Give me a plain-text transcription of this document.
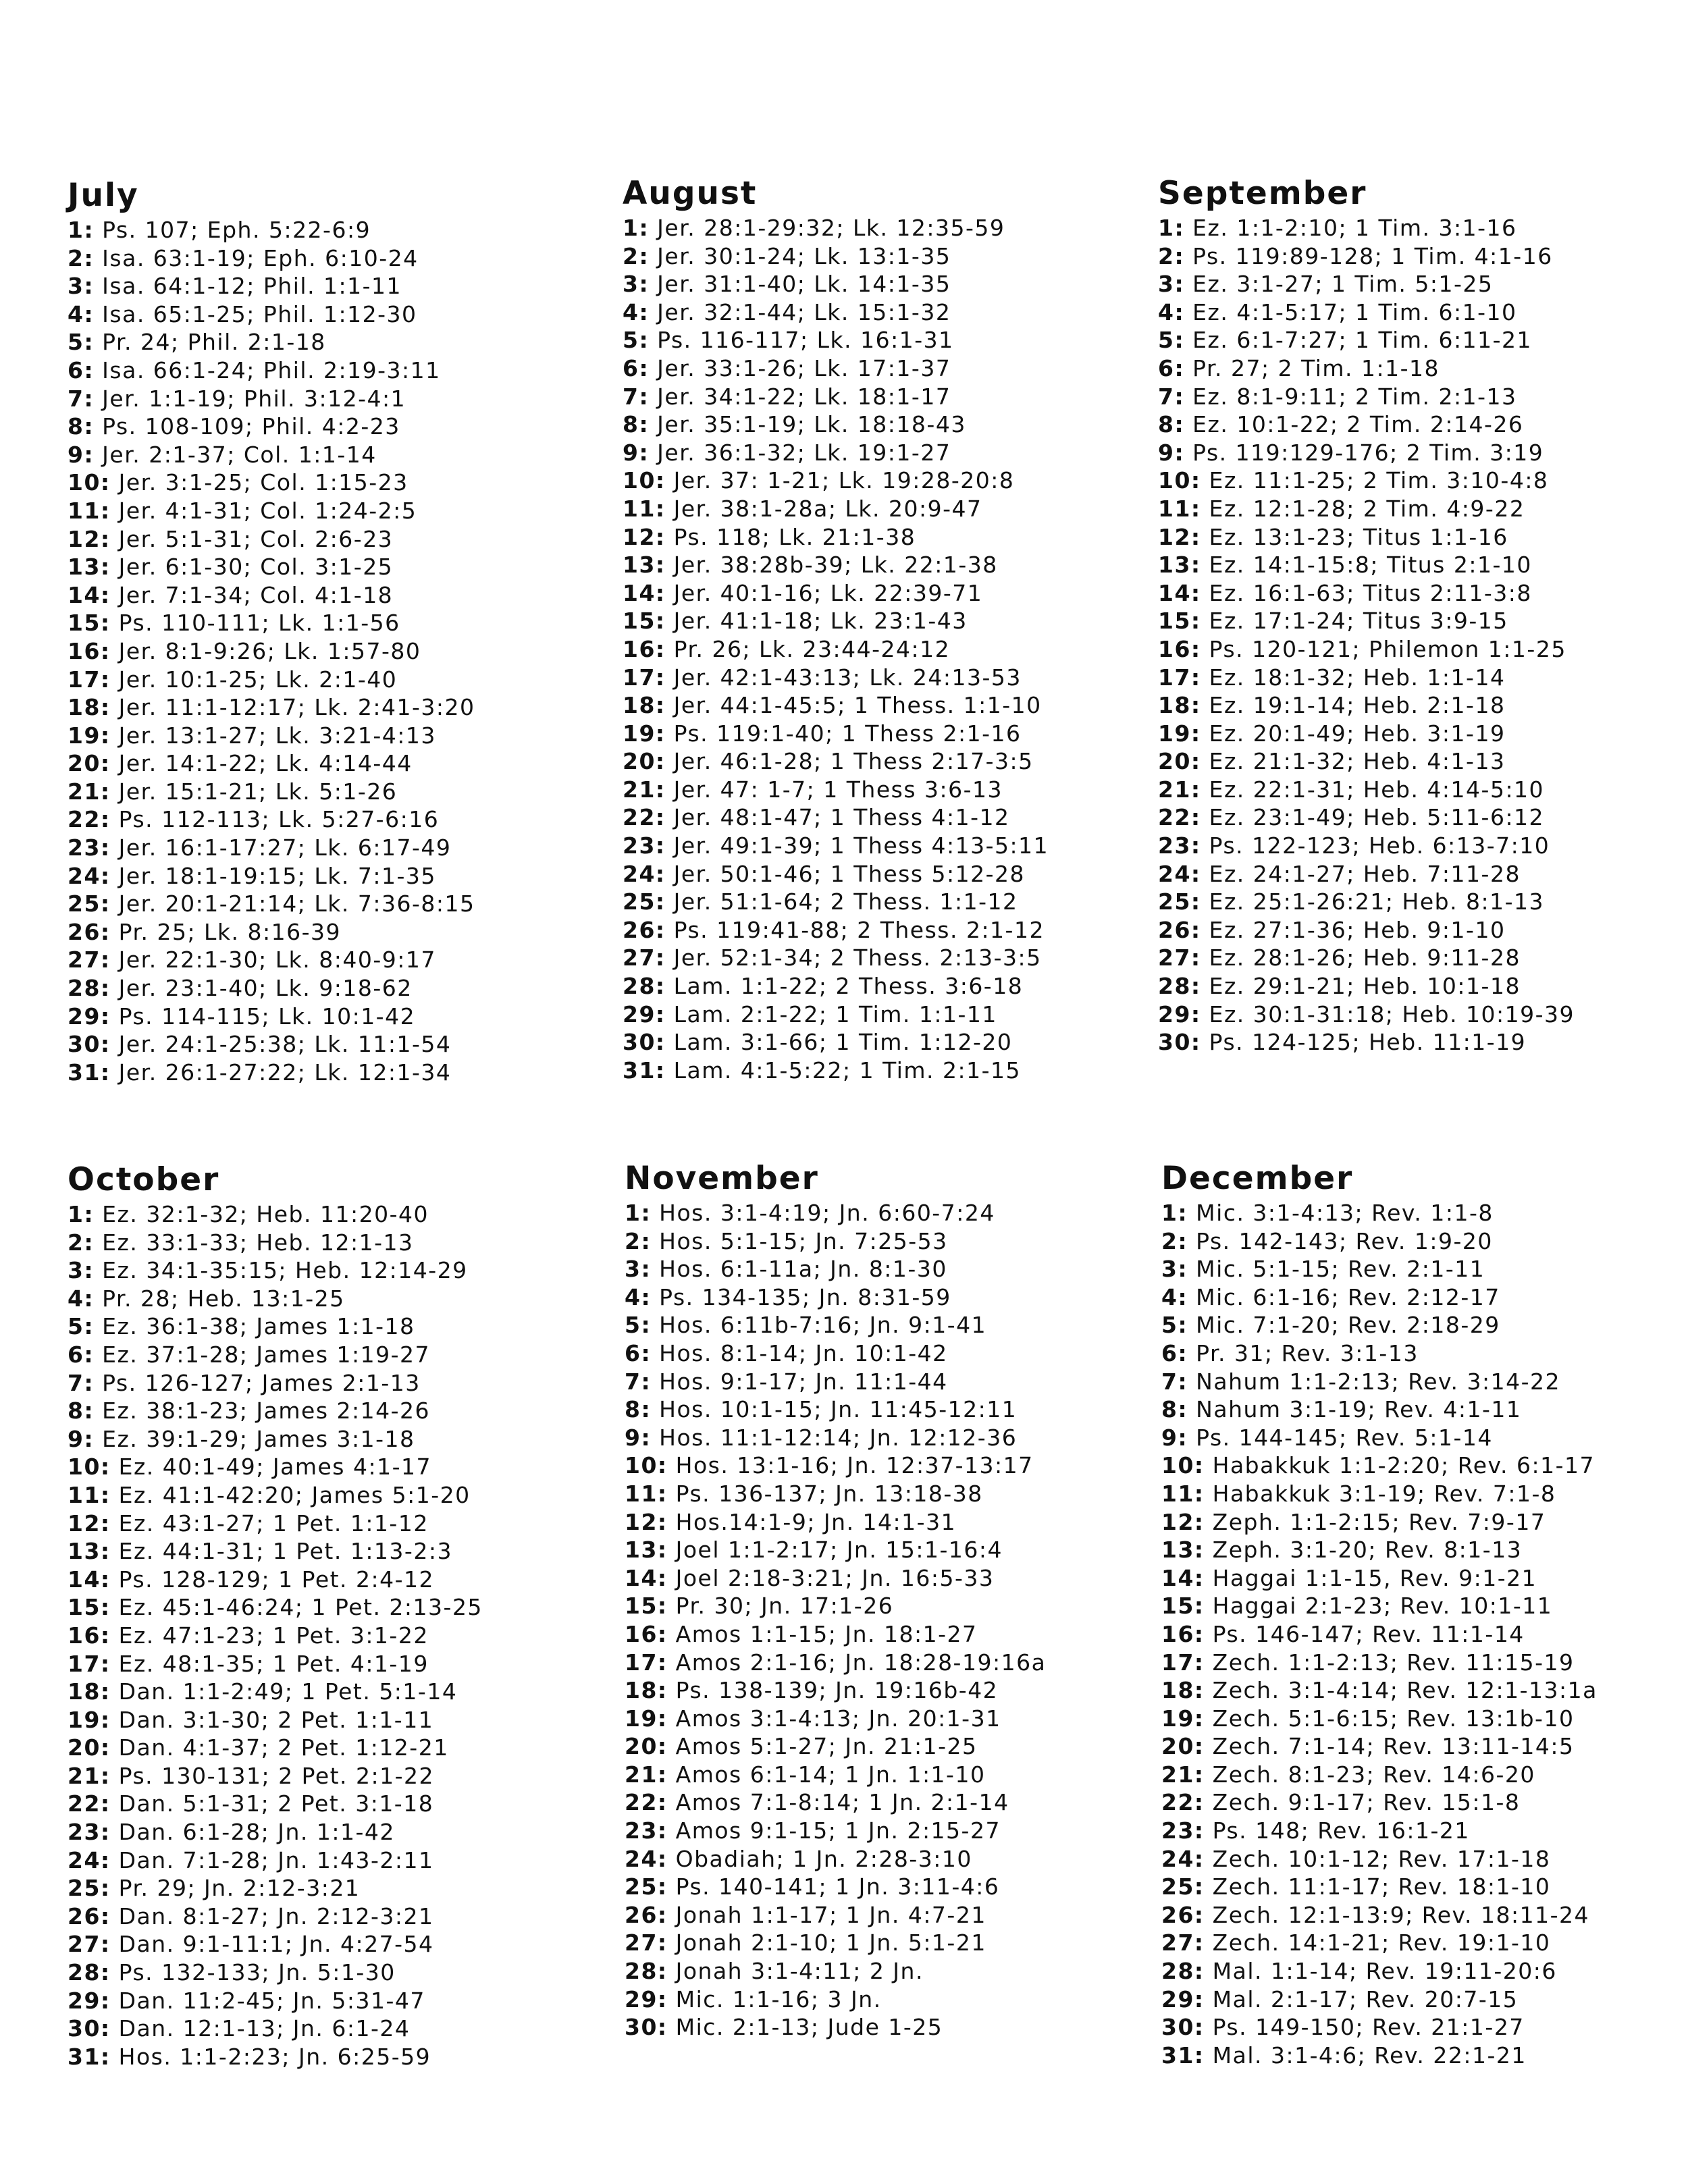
July
1: Ps. 107; Eph. 5:22-6:9
2: Isa. 63:1-19; Eph. 6:10-24
3: Isa. 64:1-12; Phil. 1:1-11
4: Isa. 65:1-25; Phil. 1:12-30
5: Pr. 24; Phil. 2:1-18
6: Isa. 66:1-24; Phil. 2:19-3:11
7: Jer. 1:1-19; Phil. 3:12-4:1
8: Ps. 108-109; Phil. 4:2-23
9: Jer. 2:1-37; Col. 1:1-14
10: Jer. 3:1-25; Col. 1:15-23
11: Jer. 4:1-31; Col. 1:24-2:5
12: Jer. 5:1-31; Col. 2:6-23
13: Jer. 6:1-30; Col. 3:1-25
14: Jer. 7:1-34; Col. 4:1-18
15: Ps. 110-111; Lk. 1:1-56
16: Jer. 8:1-9:26; Lk. 1:57-80
17: Jer. 10:1-25; Lk. 2:1-40
18: Jer. 11:1-12:17; Lk. 2:41-3:20
19: Jer. 13:1-27; Lk. 3:21-4:13
20: Jer. 14:1-22; Lk. 4:14-44
21: Jer. 15:1-21; Lk. 5:1-26
22: Ps. 112-113; Lk. 5:27-6:16
23: Jer. 16:1-17:27; Lk. 6:17-49
24: Jer. 18:1-19:15; Lk. 7:1-35
25: Jer. 20:1-21:14; Lk. 7:36-8:15
26: Pr. 25; Lk. 8:16-39
27: Jer. 22:1-30; Lk. 8:40-9:17
28: Jer. 23:1-40; Lk. 9:18-62
29: Ps. 114-115; Lk. 10:1-42
30: Jer. 24:1-25:38; Lk. 11:1-54
31: Jer. 26:1-27:22; Lk. 12:1-34
August
1: Jer. 28:1-29:32; Lk. 12:35-59
2: Jer. 30:1-24; Lk. 13:1-35
3: Jer. 31:1-40; Lk. 14:1-35
4: Jer. 32:1-44; Lk. 15:1-32
5: Ps. 116-117; Lk. 16:1-31
6: Jer. 33:1-26; Lk. 17:1-37
7: Jer. 34:1-22; Lk. 18:1-17
8: Jer. 35:1-19; Lk. 18:18-43
9: Jer. 36:1-32; Lk. 19:1-27
10: Jer. 37: 1-21; Lk. 19:28-20:8
11: Jer. 38:1-28a; Lk. 20:9-47
12: Ps. 118; Lk. 21:1-38
13: Jer. 38:28b-39; Lk. 22:1-38
14: Jer. 40:1-16; Lk. 22:39-71
15: Jer. 41:1-18; Lk. 23:1-43
16: Pr. 26; Lk. 23:44-24:12
17: Jer. 42:1-43:13; Lk. 24:13-53
18: Jer. 44:1-45:5; 1 Thess. 1:1-10
19: Ps. 119:1-40; 1 Thess 2:1-16
20: Jer. 46:1-28; 1 Thess 2:17-3:5
21: Jer. 47: 1-7; 1 Thess 3:6-13
22: Jer. 48:1-47; 1 Thess 4:1-12
23: Jer. 49:1-39; 1 Thess 4:13-5:11
24: Jer. 50:1-46; 1 Thess 5:12-28
25: Jer. 51:1-64; 2 Thess. 1:1-12
26: Ps. 119:41-88; 2 Thess. 2:1-12
27: Jer. 52:1-34; 2 Thess. 2:13-3:5
28: Lam. 1:1-22; 2 Thess. 3:6-18
29: Lam. 2:1-22; 1 Tim. 1:1-11
30: Lam. 3:1-66; 1 Tim. 1:12-20
31: Lam. 4:1-5:22; 1 Tim. 2:1-15
September
1: Ez. 1:1-2:10; 1 Tim. 3:1-16
2: Ps. 119:89-128; 1 Tim. 4:1-16
3: Ez. 3:1-27; 1 Tim. 5:1-25
4: Ez. 4:1-5:17; 1 Tim. 6:1-10
5: Ez. 6:1-7:27; 1 Tim. 6:11-21
6: Pr. 27; 2 Tim. 1:1-18
7: Ez. 8:1-9:11; 2 Tim. 2:1-13
8: Ez. 10:1-22; 2 Tim. 2:14-26
9: Ps. 119:129-176; 2 Tim. 3:19
10: Ez. 11:1-25; 2 Tim. 3:10-4:8
11: Ez. 12:1-28; 2 Tim. 4:9-22
12: Ez. 13:1-23; Titus 1:1-16
13: Ez. 14:1-15:8; Titus 2:1-10
14: Ez. 16:1-63; Titus 2:11-3:8
15: Ez. 17:1-24; Titus 3:9-15
16: Ps. 120-121; Philemon 1:1-25
17: Ez. 18:1-32; Heb. 1:1-14
18: Ez. 19:1-14; Heb. 2:1-18
19: Ez. 20:1-49; Heb. 3:1-19
20: Ez. 21:1-32; Heb. 4:1-13
21: Ez. 22:1-31; Heb. 4:14-5:10
22: Ez. 23:1-49; Heb. 5:11-6:12
23: Ps. 122-123; Heb. 6:13-7:10
24: Ez. 24:1-27; Heb. 7:11-28
25: Ez. 25:1-26:21; Heb. 8:1-13
26: Ez. 27:1-36; Heb. 9:1-10
27: Ez. 28:1-26; Heb. 9:11-28
28: Ez. 29:1-21; Heb. 10:1-18
29: Ez. 30:1-31:18; Heb. 10:19-39
30: Ps. 124-125; Heb. 11:1-19
October
1: Ez. 32:1-32; Heb. 11:20-40
2: Ez. 33:1-33; Heb. 12:1-13
3: Ez. 34:1-35:15; Heb. 12:14-29
4: Pr. 28; Heb. 13:1-25
5: Ez. 36:1-38; James 1:1-18
6: Ez. 37:1-28; James 1:19-27
7: Ps. 126-127; James 2:1-13
8: Ez. 38:1-23; James 2:14-26
9: Ez. 39:1-29; James 3:1-18
10: Ez. 40:1-49; James 4:1-17
11: Ez. 41:1-42:20; James 5:1-20
12: Ez. 43:1-27; 1 Pet. 1:1-12
13: Ez. 44:1-31; 1 Pet. 1:13-2:3
14: Ps. 128-129; 1 Pet. 2:4-12
15: Ez. 45:1-46:24; 1 Pet. 2:13-25
16: Ez. 47:1-23; 1 Pet. 3:1-22
17: Ez. 48:1-35; 1 Pet. 4:1-19
18: Dan. 1:1-2:49; 1 Pet. 5:1-14
19: Dan. 3:1-30; 2 Pet. 1:1-11
20: Dan. 4:1-37; 2 Pet. 1:12-21
21: Ps. 130-131; 2 Pet. 2:1-22
22: Dan. 5:1-31; 2 Pet. 3:1-18
23: Dan. 6:1-28; Jn. 1:1-42
24: Dan. 7:1-28; Jn. 1:43-2:11
25: Pr. 29; Jn. 2:12-3:21
26: Dan. 8:1-27; Jn. 2:12-3:21
27: Dan. 9:1-11:1; Jn. 4:27-54
28: Ps. 132-133; Jn. 5:1-30
29: Dan. 11:2-45; Jn. 5:31-47
30: Dan. 12:1-13; Jn. 6:1-24
31: Hos. 1:1-2:23; Jn. 6:25-59
November
1: Hos. 3:1-4:19; Jn. 6:60-7:24
2: Hos. 5:1-15; Jn. 7:25-53
3: Hos. 6:1-11a; Jn. 8:1-30
4: Ps. 134-135; Jn. 8:31-59
5: Hos. 6:11b-7:16; Jn. 9:1-41
6: Hos. 8:1-14; Jn. 10:1-42
7: Hos. 9:1-17; Jn. 11:1-44
8: Hos. 10:1-15; Jn. 11:45-12:11
9: Hos. 11:1-12:14; Jn. 12:12-36
10: Hos. 13:1-16; Jn. 12:37-13:17
11: Ps. 136-137; Jn. 13:18-38
12: Hos.14:1-9; Jn. 14:1-31
13: Joel 1:1-2:17; Jn. 15:1-16:4
14: Joel 2:18-3:21; Jn. 16:5-33
15: Pr. 30; Jn. 17:1-26
16: Amos 1:1-15; Jn. 18:1-27
17: Amos 2:1-16; Jn. 18:28-19:16a
18: Ps. 138-139; Jn. 19:16b-42
19: Amos 3:1-4:13; Jn. 20:1-31
20: Amos 5:1-27; Jn. 21:1-25
21: Amos 6:1-14; 1 Jn. 1:1-10
22: Amos 7:1-8:14; 1 Jn. 2:1-14
23: Amos 9:1-15; 1 Jn. 2:15-27
24: Obadiah; 1 Jn. 2:28-3:10
25: Ps. 140-141; 1 Jn. 3:11-4:6
26: Jonah 1:1-17; 1 Jn. 4:7-21
27: Jonah 2:1-10; 1 Jn. 5:1-21
28: Jonah 3:1-4:11; 2 Jn.
29: Mic. 1:1-16; 3 Jn.
30: Mic. 2:1-13; Jude 1-25
December
1: Mic. 3:1-4:13; Rev. 1:1-8
2: Ps. 142-143; Rev. 1:9-20
3: Mic. 5:1-15; Rev. 2:1-11
4: Mic. 6:1-16; Rev. 2:12-17
5: Mic. 7:1-20; Rev. 2:18-29
6: Pr. 31; Rev. 3:1-13
7: Nahum 1:1-2:13; Rev. 3:14-22
8: Nahum 3:1-19; Rev. 4:1-11
9: Ps. 144-145; Rev. 5:1-14
10: Habakkuk 1:1-2:20; Rev. 6:1-17
11: Habakkuk 3:1-19; Rev. 7:1-8
12: Zeph. 1:1-2:15; Rev. 7:9-17
13: Zeph. 3:1-20; Rev. 8:1-13
14: Haggai 1:1-15, Rev. 9:1-21
15: Haggai 2:1-23; Rev. 10:1-11
16: Ps. 146-147; Rev. 11:1-14
17: Zech. 1:1-2:13; Rev. 11:15-19
18: Zech. 3:1-4:14; Rev. 12:1-13:1a
19: Zech. 5:1-6:15; Rev. 13:1b-10
20: Zech. 7:1-14; Rev. 13:11-14:5
21: Zech. 8:1-23; Rev. 14:6-20
22: Zech. 9:1-17; Rev. 15:1-8
23: Ps. 148; Rev. 16:1-21
24: Zech. 10:1-12; Rev. 17:1-18
25: Zech. 11:1-17; Rev. 18:1-10
26: Zech. 12:1-13:9; Rev. 18:11-24
27: Zech. 14:1-21; Rev. 19:1-10
28: Mal. 1:1-14; Rev. 19:11-20:6
29: Mal. 2:1-17; Rev. 20:7-15
30: Ps. 149-150; Rev. 21:1-27
31: Mal. 3:1-4:6; Rev. 22:1-21
